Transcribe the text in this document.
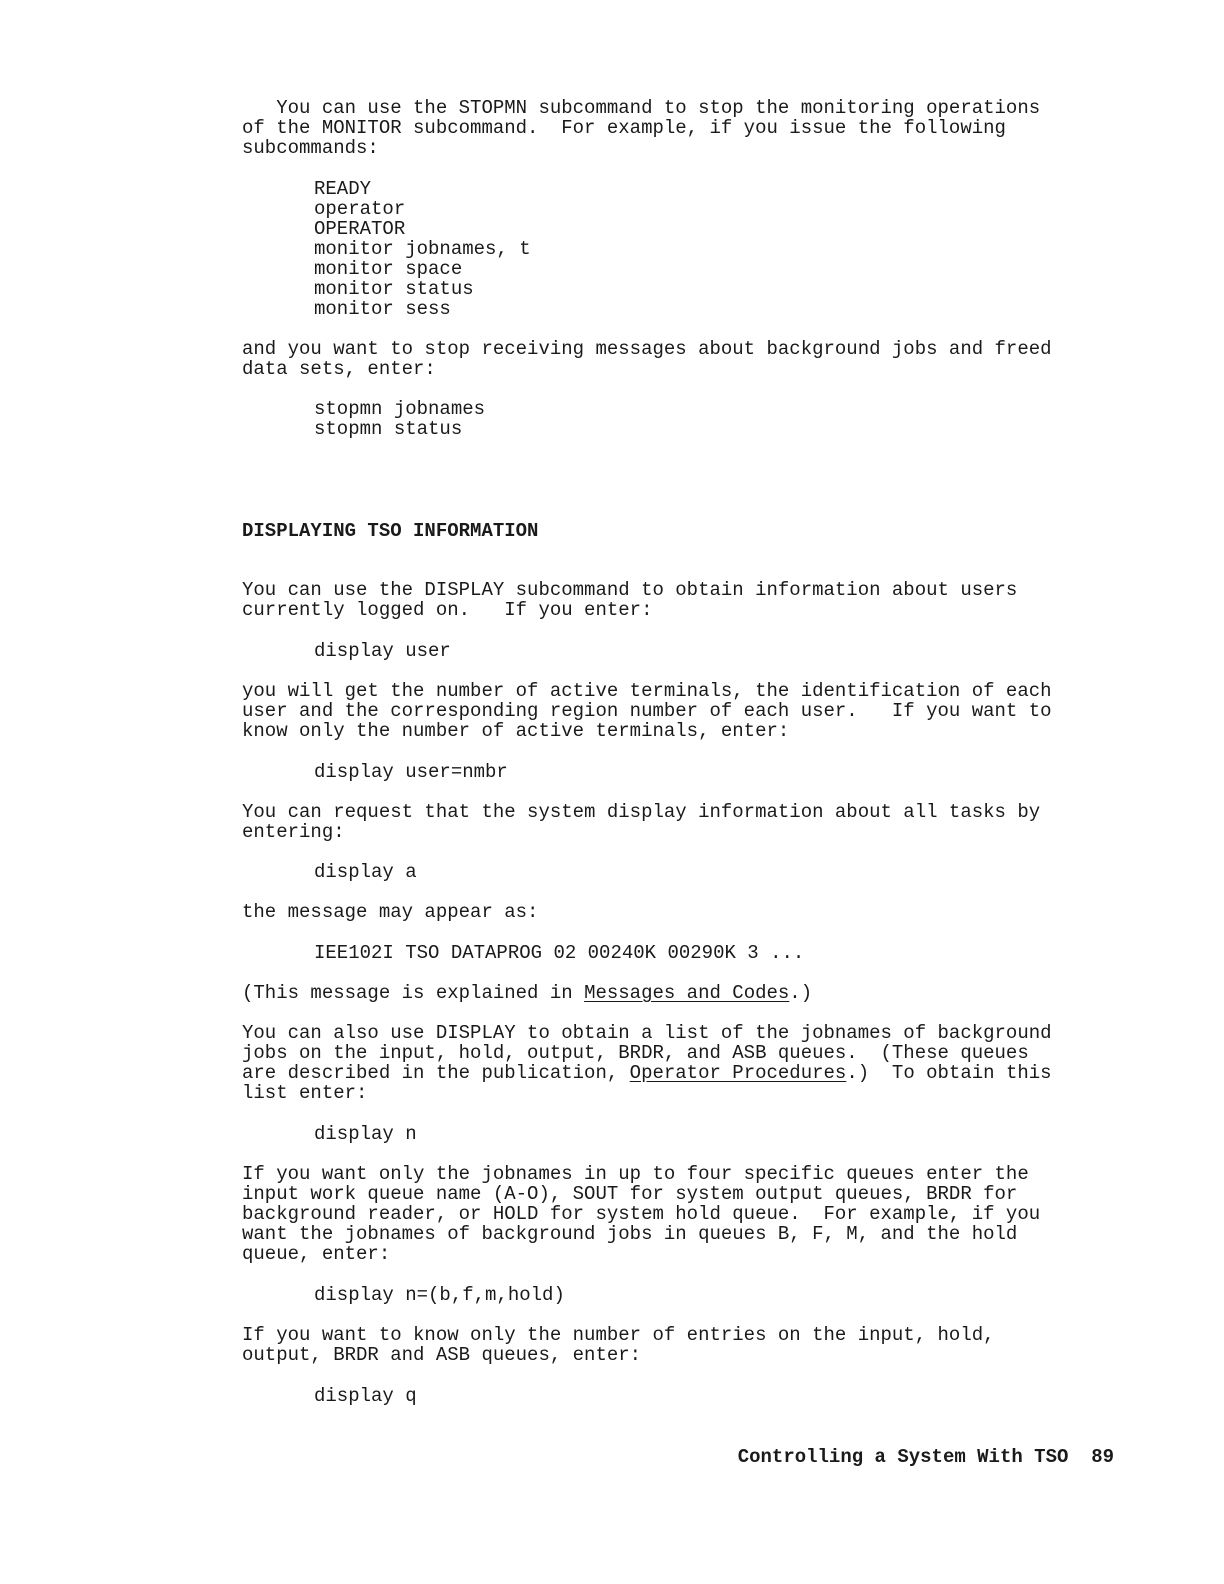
You can use the STOPMN subcommand to stop the monitoring operations
of the MONITOR subcommand.  For example, if you issue the following
subcommands:
READY
operator
OPERATOR
monitor jobnames, t
monitor space
monitor status
monitor sess
and you want to stop receiving messages about background jobs and freed
data sets, enter:
stopmn jobnames
stopmn status
DISPLAYING TSO INFORMATION
You can use the DISPLAY subcommand to obtain information about users
currently logged on.   If you enter:
display user
you will get the number of active terminals, the identification of each
user and the corresponding region number of each user.   If you want to
know only the number of active terminals, enter:
display user=nmbr
You can request that the system display information about all tasks by
entering:
display a
the message may appear as:
IEE102I TSO DATAPROG 02 00240K 00290K 3 ...
(This message is explained in Messages and Codes.)
You can also use DISPLAY to obtain a list of the jobnames of background
jobs on the input, hold, output, BRDR, and ASB queues.  (These queues
are described in the publication, Operator Procedures.)  To obtain this
list enter:
display n
If you want only the jobnames in up to four specific queues enter the
input work queue name (A-O), SOUT for system output queues, BRDR for
background reader, or HOLD for system hold queue.  For example, if you
want the jobnames of background jobs in queues B, F, M, and the hold
queue, enter:
display n=(b,f,m,hold)
If you want to know only the number of entries on the input, hold,
output, BRDR and ASB queues, enter:
display q
Controlling a System With TSO 89
